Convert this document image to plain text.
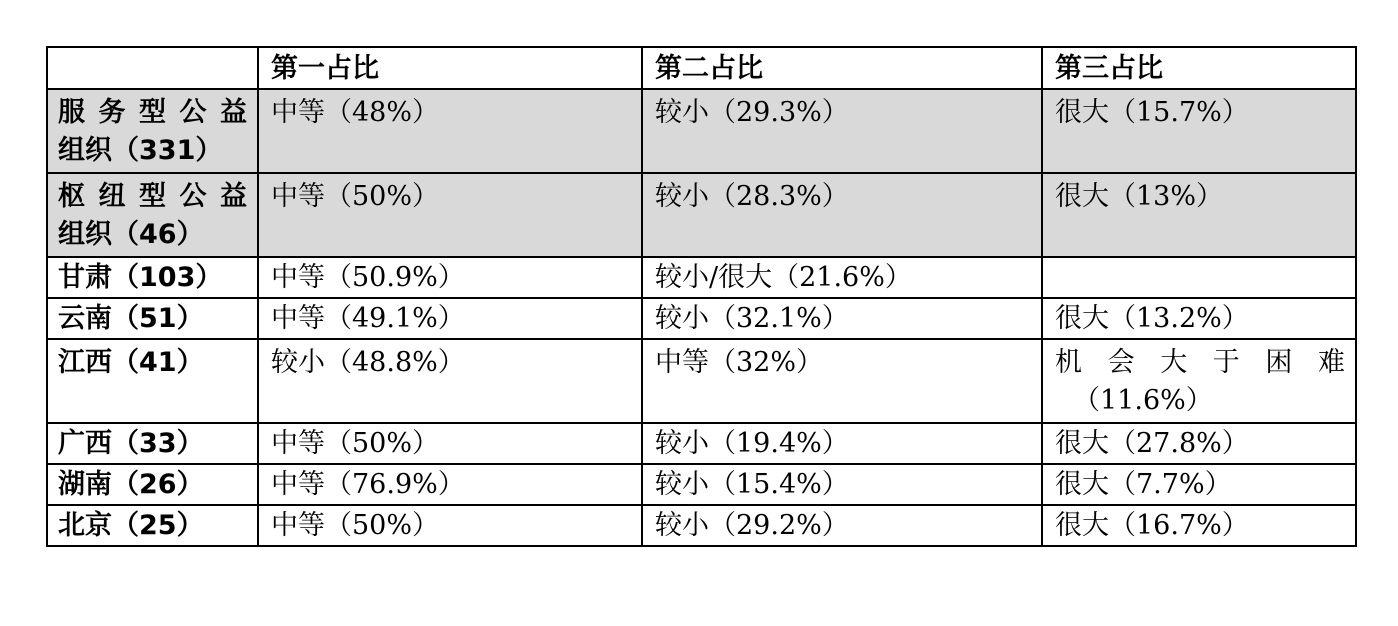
	第一占比	第二占比	第三占比

服务型公益
组织（331）	中等（48%）	较小（29.3%）	很大（15.7%）

枢纽型公益
组织（46）	中等（50%）	较小（28.3%）	很大（13%）
甘肃（103）	中等（50.9%）	较小/很大（21.6%）	
云南（51）	中等（49.1%）	较小（32.1%）	很大（13.2%）
江西（41）	较小（48.8%）	中等（32%）	机会大于困难
（11.6%）

广西（33）	中等（50%）	较小（19.4%）	很大（27.8%）
湖南（26）	中等（76.9%）	较小（15.4%）	很大（7.7%）
北京（25）	中等（50%）	较小（29.2%）	很大（16.7%）
